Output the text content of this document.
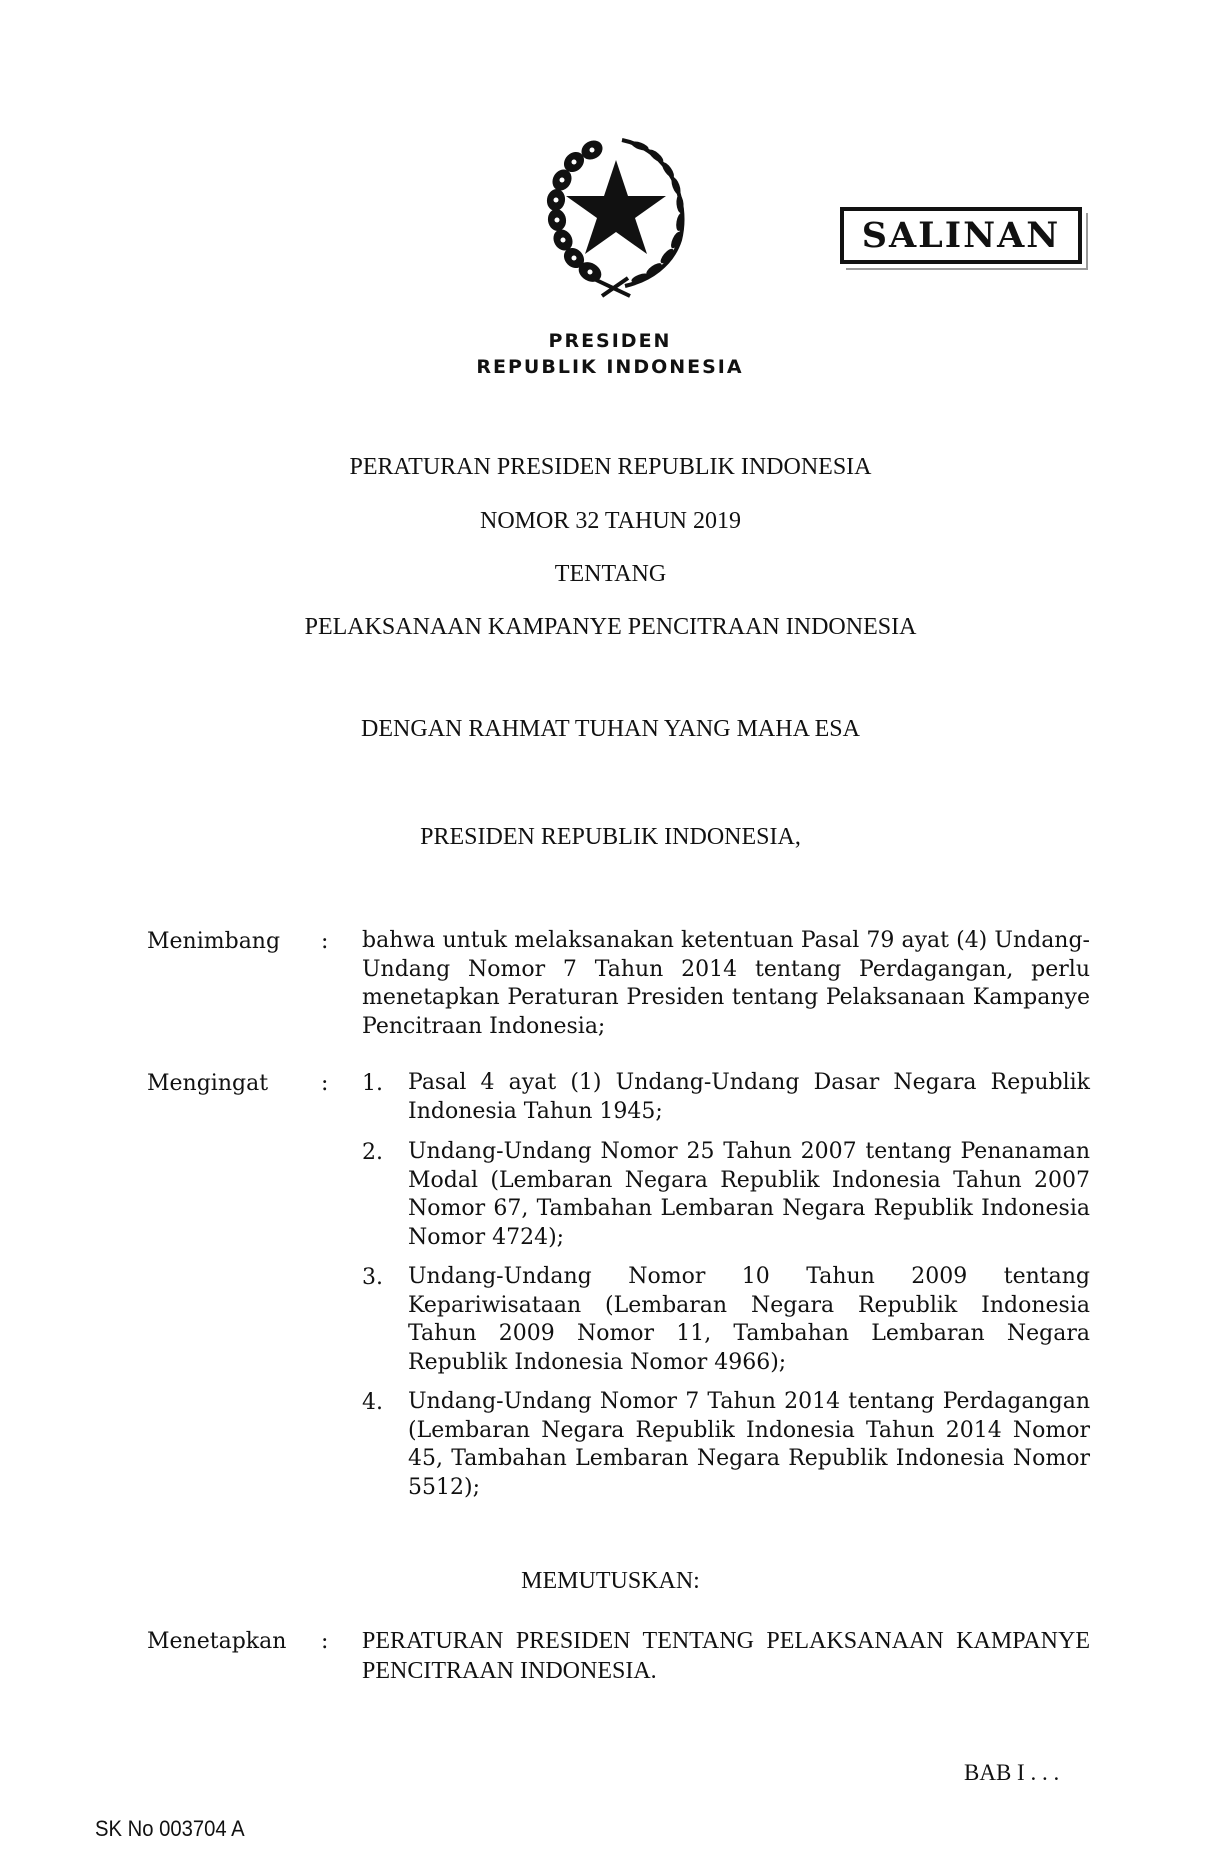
PRESIDEN
REPUBLIK INDONESIA
SALINAN
PERATURAN PRESIDEN REPUBLIK INDONESIA
NOMOR 32 TAHUN 2019
TENTANG
PELAKSANAAN KAMPANYE PENCITRAAN INDONESIA
DENGAN RAHMAT TUHAN YANG MAHA ESA
PRESIDEN REPUBLIK INDONESIA,
Menimbang : bahwa untuk melaksanakan ketentuan Pasal 79 ayat (4) Undang-Undang Nomor 7 Tahun 2014 tentang Perdagangan, perlu menetapkan Peraturan Presiden tentang Pelaksanaan Kampanye Pencitraan Indonesia;
Mengingat : 1. Pasal 4 ayat (1) Undang-Undang Dasar Negara Republik Indonesia Tahun 1945;
2. Undang-Undang Nomor 25 Tahun 2007 tentang Penanaman Modal (Lembaran Negara Republik Indonesia Tahun 2007 Nomor 67, Tambahan Lembaran Negara Republik Indonesia Nomor 4724);
3. Undang-Undang Nomor 10 Tahun 2009 tentang Kepariwisataan (Lembaran Negara Republik Indonesia Tahun 2009 Nomor 11, Tambahan Lembaran Negara Republik Indonesia Nomor 4966);
4. Undang-Undang Nomor 7 Tahun 2014 tentang Perdagangan (Lembaran Negara Republik Indonesia Tahun 2014 Nomor 45, Tambahan Lembaran Negara Republik Indonesia Nomor 5512);
MEMUTUSKAN:
Menetapkan : PERATURAN PRESIDEN TENTANG PELAKSANAAN KAMPANYE PENCITRAAN INDONESIA.
BAB I . . .
SK No 003704 A
